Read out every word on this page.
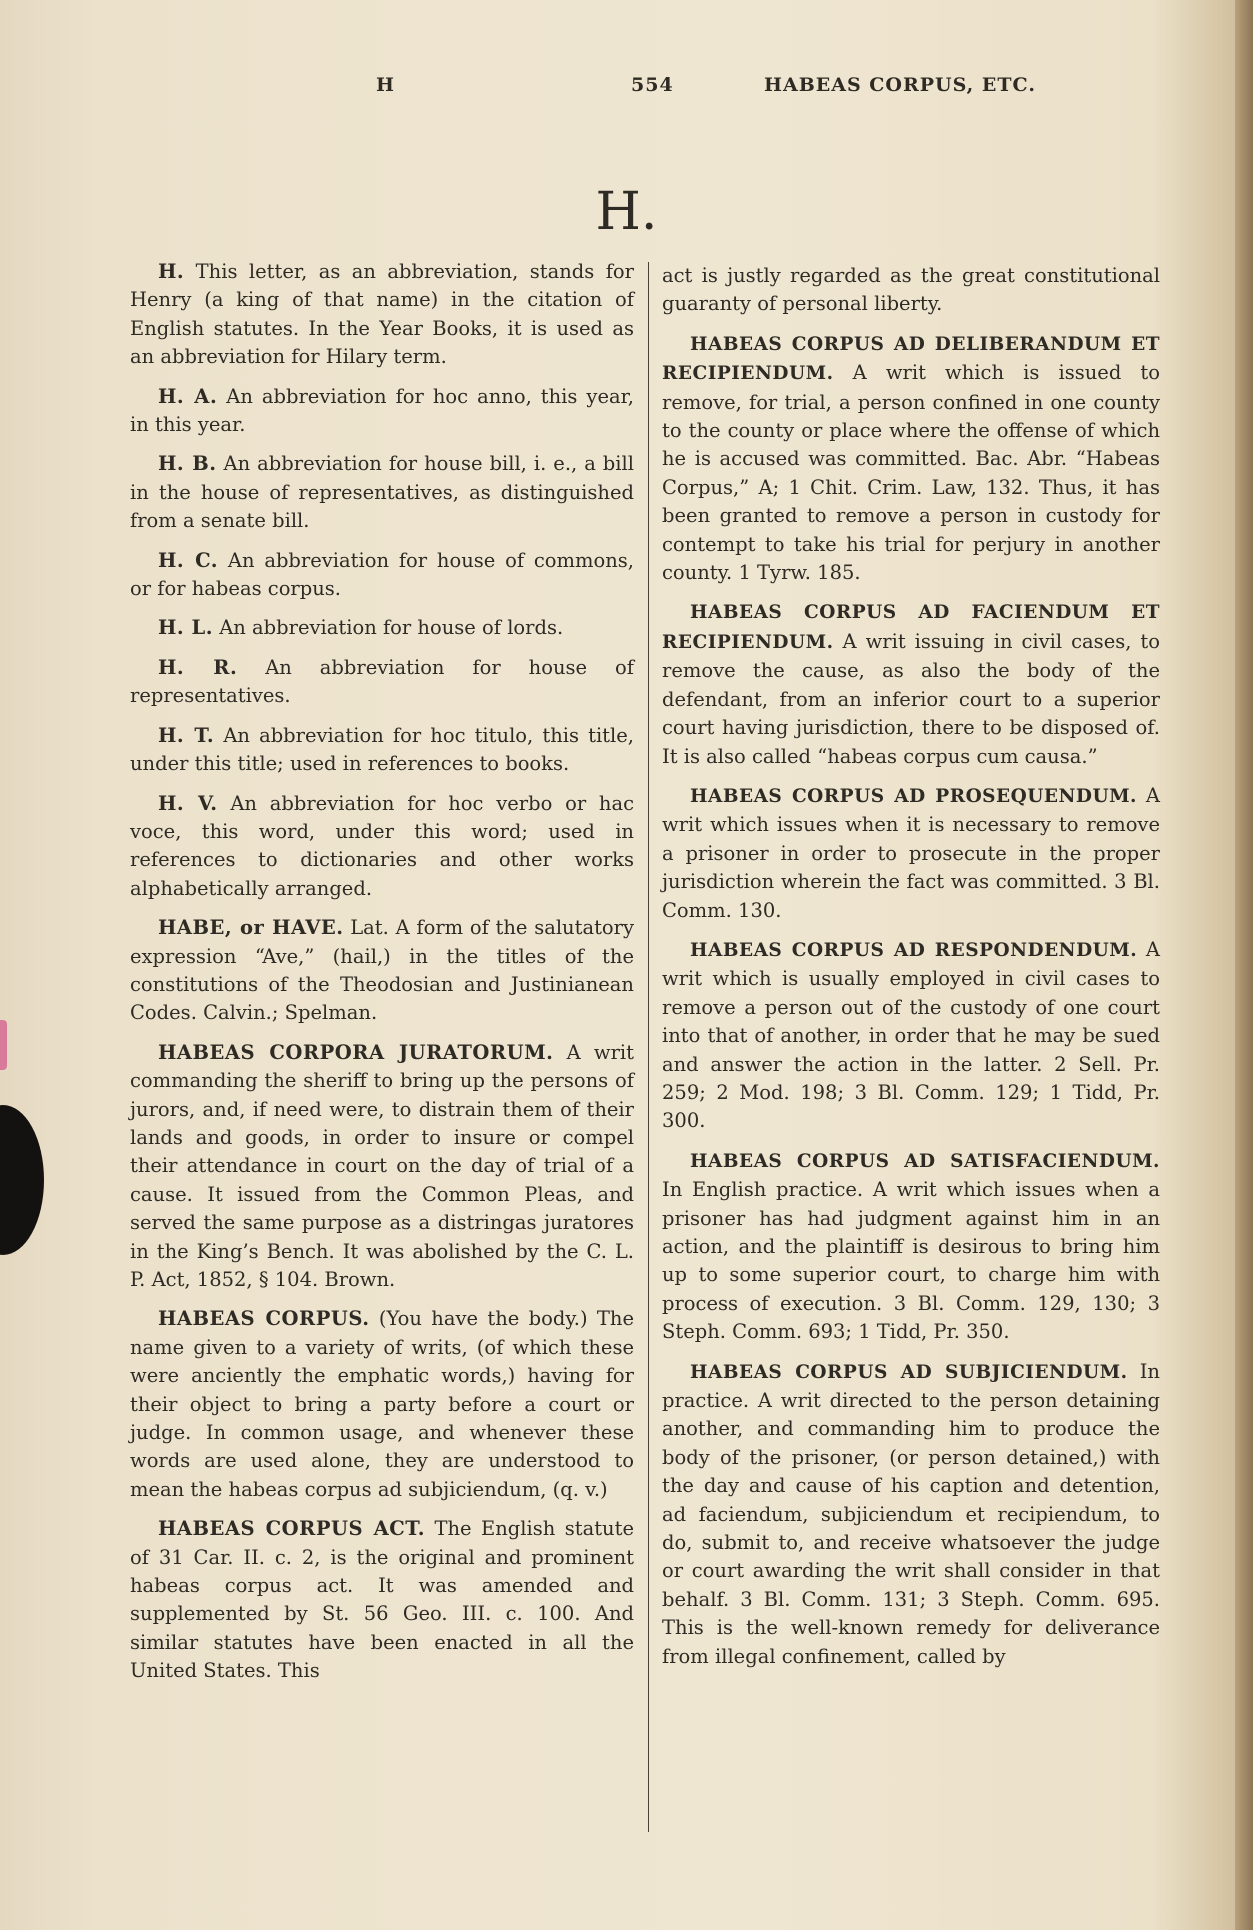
H	554	HABEAS CORPUS, ETC.
H.

H. This letter, as an abbreviation, stands for Henry (a king of that name) in the citation of English statutes. In the Year Books, it is used as an abbreviation for Hilary term.

H. A. An abbreviation for hoc anno, this year, in this year.

H. B. An abbreviation for house bill, i. e., a bill in the house of representatives, as distinguished from a senate bill.

H. C. An abbreviation for house of commons, or for habeas corpus.

H. L. An abbreviation for house of lords.

H. R. An abbreviation for house of representatives.

H. T. An abbreviation for hoc titulo, this title, under this title; used in references to books.

H. V. An abbreviation for hoc verbo or hac voce, this word, under this word; used in references to dictionaries and other works alphabetically arranged.

HABE, or HAVE. Lat. A form of the salutatory expression “Ave,” (hail,) in the titles of the constitutions of the Theodosian and Justinianean Codes. Calvin.; Spelman.

HABEAS CORPORA JURATORUM. A writ commanding the sheriff to bring up the persons of jurors, and, if need were, to distrain them of their lands and goods, in order to insure or compel their attendance in court on the day of trial of a cause. It issued from the Common Pleas, and served the same purpose as a distringas juratores in the King’s Bench. It was abolished by the C. L. P. Act, 1852, § 104. Brown.

HABEAS CORPUS. (You have the body.) The name given to a variety of writs, (of which these were anciently the emphatic words,) having for their object to bring a party before a court or judge. In common usage, and whenever these words are used alone, they are understood to mean the habeas corpus ad subjiciendum, (q. v.)

HABEAS CORPUS ACT. The English statute of 31 Car. II. c. 2, is the original and prominent habeas corpus act. It was amended and supplemented by St. 56 Geo. III. c. 100. And similar statutes have been enacted in all the United States. This

act is justly regarded as the great constitutional guaranty of personal liberty.

HABEAS CORPUS AD DELIBERANDUM ET RECIPIENDUM. A writ which is issued to remove, for trial, a person confined in one county to the county or place where the offense of which he is accused was committed. Bac. Abr. “Habeas Corpus,” A; 1 Chit. Crim. Law, 132. Thus, it has been granted to remove a person in custody for contempt to take his trial for perjury in another county. 1 Tyrw. 185.

HABEAS CORPUS AD FACIENDUM ET RECIPIENDUM. A writ issuing in civil cases, to remove the cause, as also the body of the defendant, from an inferior court to a superior court having jurisdiction, there to be disposed of. It is also called “habeas corpus cum causa.”

HABEAS CORPUS AD PROSEQUENDUM. A writ which issues when it is necessary to remove a prisoner in order to prosecute in the proper jurisdiction wherein the fact was committed. 3 Bl. Comm. 130.

HABEAS CORPUS AD RESPONDENDUM. A writ which is usually employed in civil cases to remove a person out of the custody of one court into that of another, in order that he may be sued and answer the action in the latter. 2 Sell. Pr. 259; 2 Mod. 198; 3 Bl. Comm. 129; 1 Tidd, Pr. 300.

HABEAS CORPUS AD SATISFACIENDUM. In English practice. A writ which issues when a prisoner has had judgment against him in an action, and the plaintiff is desirous to bring him up to some superior court, to charge him with process of execution. 3 Bl. Comm. 129, 130; 3 Steph. Comm. 693; 1 Tidd, Pr. 350.

HABEAS CORPUS AD SUBJICIENDUM. In practice. A writ directed to the person detaining another, and commanding him to produce the body of the prisoner, (or person detained,) with the day and cause of his caption and detention, ad faciendum, subjiciendum et recipiendum, to do, submit to, and receive whatsoever the judge or court awarding the writ shall consider in that behalf. 3 Bl. Comm. 131; 3 Steph. Comm. 695. This is the well-known remedy for deliverance from illegal confinement, called by
